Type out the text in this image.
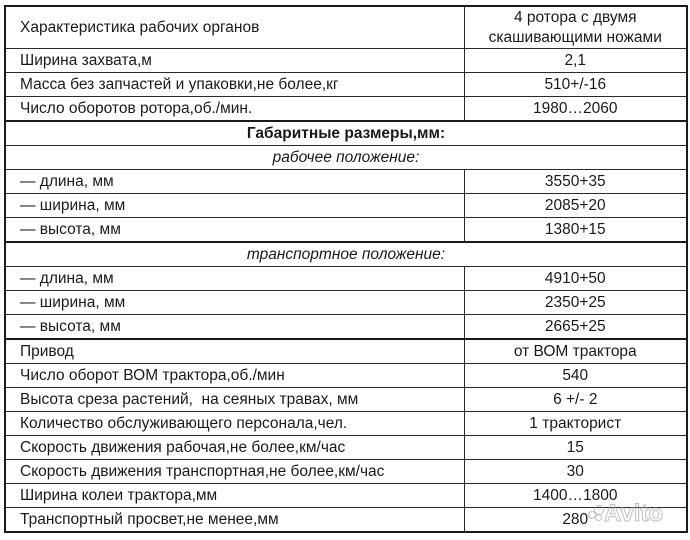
Характеристика рабочих органов	4 ротора с двумя скашивающими ножами
Ширина захвата,м	2,1
Масса без запчастей и упаковки,не более,кг	510+/-16
Число оборотов ротора,об./мин.	1980…2060
Габаритные размеры,мм:	
рабочее положение:	
— длина, мм	3550+35
— ширина, мм	2085+20
— высота, мм	1380+15
транспортное положение:	
— длина, мм	4910+50
— ширина, мм	2350+25
— высота, мм	2665+25
Привод	от ВОМ трактора
Число оборот ВОМ трактора,об./мин	540
Высота среза растений,  на сеяных травах, мм	6 +/- 2
Количество обслуживающего персонала,чел.	1 тракторист
Скорость движения рабочая,не более,км/час	15
Скорость движения транспортная,не более,км/час	30
Ширина колеи трактора,мм	1400…1800
Транспортный просвет,не менее,мм	280 Avito
